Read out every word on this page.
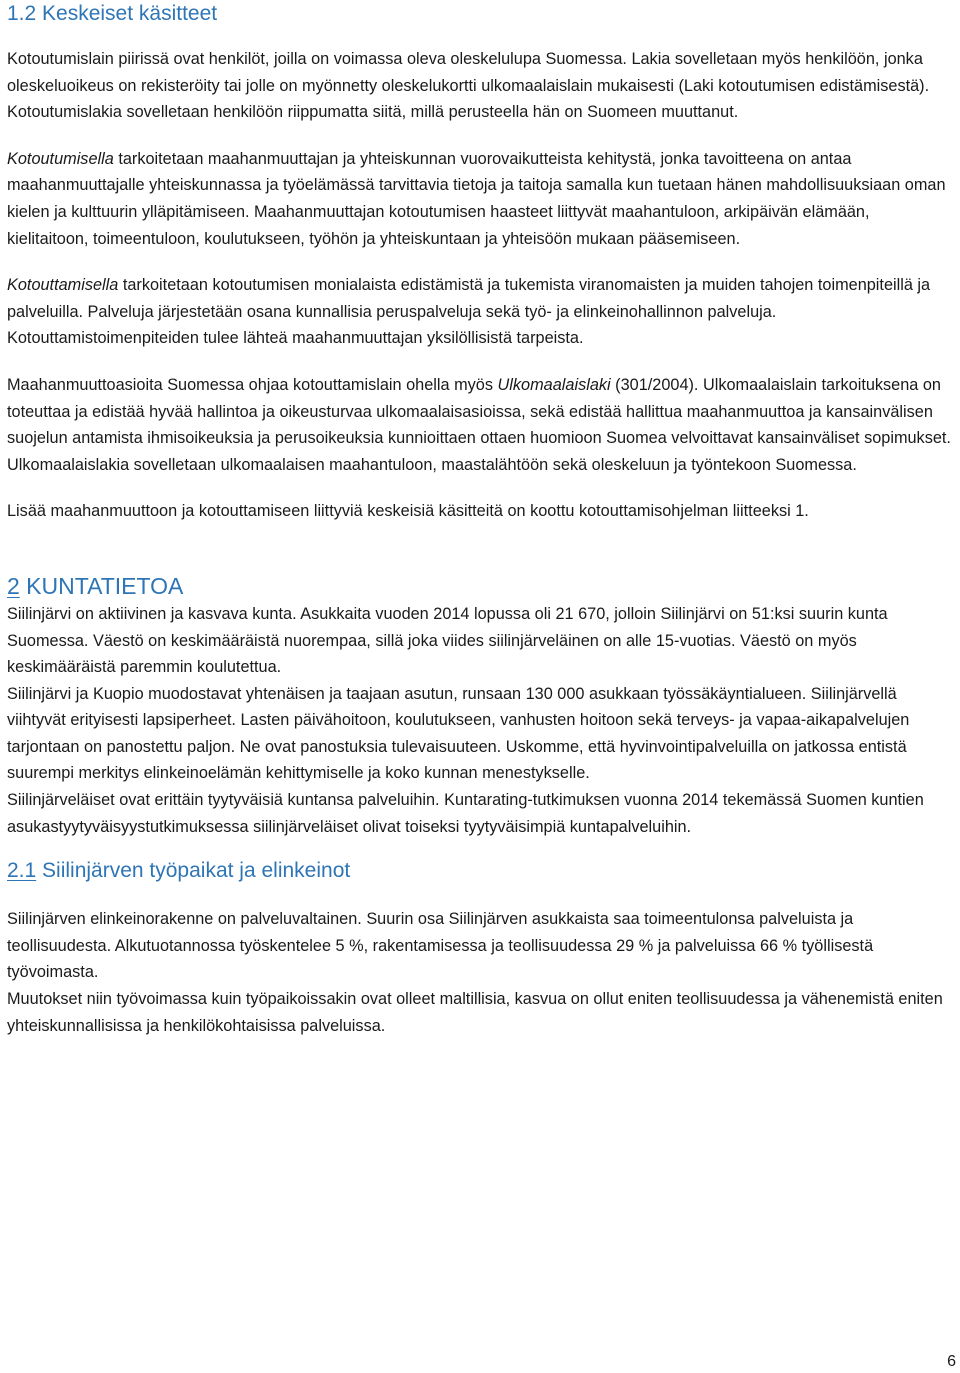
1.2 Keskeiset käsitteet

Kotoutumislain piirissä ovat henkilöt, joilla on voimassa oleva oleskelulupa Suomessa. Lakia sovelletaan myös henkilöön, jonka oleskeluoikeus on rekisteröity tai jolle on myönnetty oleskelukortti ulkomaalaislain mukaisesti (Laki kotoutumisen edistämisestä). Kotoutumislakia sovelletaan henkilöön riippumatta siitä, millä perusteella hän on Suomeen muuttanut.

Kotoutumisella tarkoitetaan maahanmuuttajan ja yhteiskunnan vuorovaikutteista kehitystä, jonka tavoitteena on antaa maahanmuuttajalle yhteiskunnassa ja työelämässä tarvittavia tietoja ja taitoja samalla kun tuetaan hänen mahdollisuuksiaan oman kielen ja kulttuurin ylläpitämiseen. Maahanmuuttajan kotoutumisen haasteet liittyvät maahantuloon, arkipäivän elämään, kielitaitoon, toimeentuloon, koulutukseen, työhön ja yhteiskuntaan ja yhteisöön mukaan pääsemiseen.

Kotouttamisella tarkoitetaan kotoutumisen monialaista edistämistä ja tukemista viranomaisten ja muiden tahojen toimenpiteillä ja palveluilla. Palveluja järjestetään osana kunnallisia peruspalveluja sekä työ- ja elinkeinohallinnon palveluja. Kotouttamistoimenpiteiden tulee lähteä maahanmuuttajan yksilöllisistä tarpeista.

Maahanmuuttoasioita Suomessa ohjaa kotouttamislain ohella myös Ulkomaalaislaki (301/2004). Ulkomaalaislain tarkoituksena on toteuttaa ja edistää hyvää hallintoa ja oikeusturvaa ulkomaalaisasioissa, sekä edistää hallittua maahanmuuttoa ja kansainvälisen suojelun antamista ihmisoikeuksia ja perusoikeuksia kunnioittaen ottaen huomioon Suomea velvoittavat kansainväliset sopimukset. Ulkomaalaislakia sovelletaan ulkomaalaisen maahantuloon, maastalähtöön sekä oleskeluun ja työntekoon Suomessa.

Lisää maahanmuuttoon ja kotouttamiseen liittyviä keskeisiä käsitteitä on koottu kotouttamisohjelman liitteeksi 1.

2 KUNTATIETOA

Siilinjärvi on aktiivinen ja kasvava kunta. Asukkaita vuoden 2014 lopussa oli 21 670, jolloin Siilinjärvi on 51:ksi suurin kunta Suomessa. Väestö on keskimääräistä nuorempaa, sillä joka viides siilinjärveläinen on alle 15-vuotias. Väestö on myös keskimääräistä paremmin koulutettua.

Siilinjärvi ja Kuopio muodostavat yhtenäisen ja taajaan asutun, runsaan 130 000 asukkaan työssäkäyntialueen. Siilinjärvellä viihtyvät erityisesti lapsiperheet. Lasten päivähoitoon, koulutukseen, vanhusten hoitoon sekä terveys- ja vapaa-aikapalvelujen tarjontaan on panostettu paljon. Ne ovat panostuksia tulevaisuuteen. Uskomme, että hyvinvointipalveluilla on jatkossa entistä suurempi merkitys elinkeinoelämän kehittymiselle ja koko kunnan menestykselle.

Siilinjärveläiset ovat erittäin tyytyväisiä kuntansa palveluihin. Kuntarating-tutkimuksen vuonna 2014 tekemässä Suomen kuntien asukastyytyväisyystutkimuksessa siilinjärveläiset olivat toiseksi tyytyväisimpiä kuntapalveluihin.

2.1 Siilinjärven työpaikat ja elinkeinot

Siilinjärven elinkeinorakenne on palveluvaltainen. Suurin osa Siilinjärven asukkaista saa toimeentulonsa palveluista ja teollisuudesta. Alkutuotannossa työskentelee 5 %, rakentamisessa ja teollisuudessa 29 % ja palveluissa 66 % työllisestä työvoimasta.

Muutokset niin työvoimassa kuin työpaikoissakin ovat olleet maltillisia, kasvua on ollut eniten teollisuudessa ja vähenemistä eniten yhteiskunnallisissa ja henkilökohtaisissa palveluissa.

6
